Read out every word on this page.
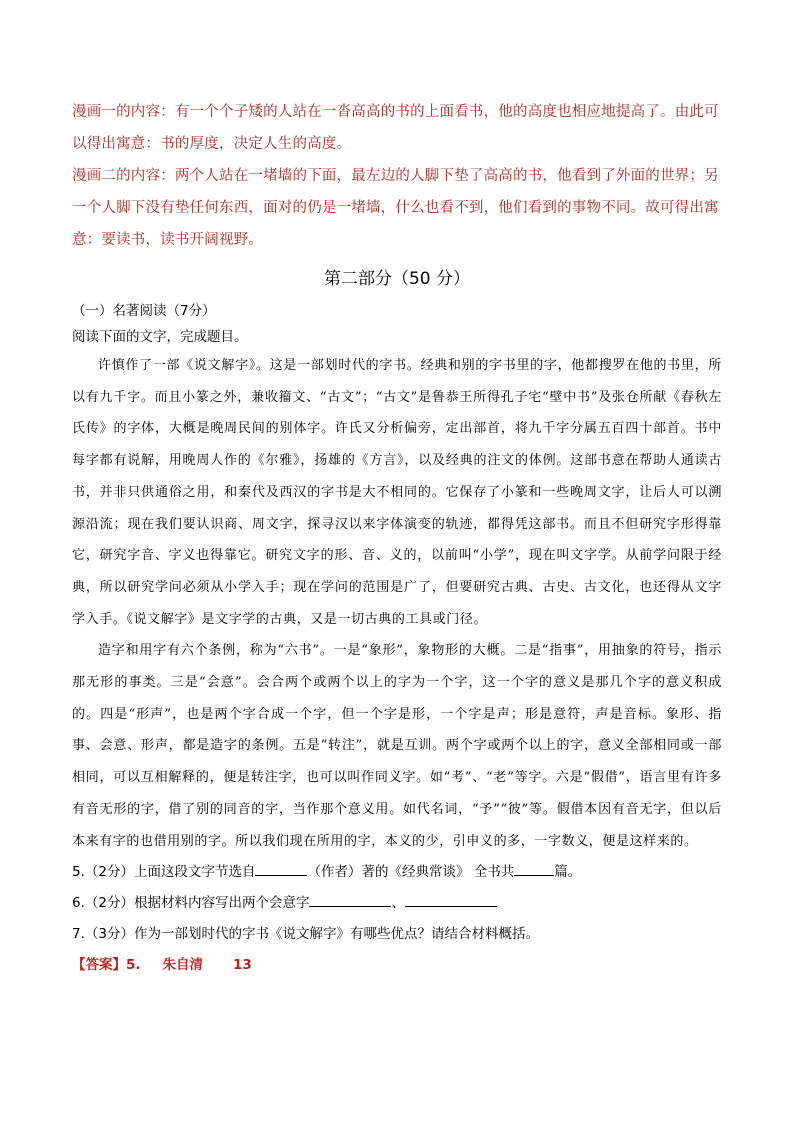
漫画一的内容：有一个个子矮的人站在一沓高高的书的上面看书，他的高度也相应地提高了。由此可以得出寓意：书的厚度，决定人生的高度。

漫画二的内容：两个人站在一堵墙的下面，最左边的人脚下垫了高高的书，他看到了外面的世界；另一个人脚下没有垫任何东西，面对的仍是一堵墙，什么也看不到，他们看到的事物不同。故可得出寓意：要读书，读书开阔视野。

第二部分（50 分）

（一）名著阅读（7分）

阅读下面的文字，完成题目。

许慎作了一部《说文解字》。这是一部划时代的字书。经典和别的字书里的字，他都搜罗在他的书里，所以有九千字。而且小篆之外，兼收籀文、“古文”；“古文”是鲁恭王所得孔子宅“壁中书”及张仓所献《春秋左氏传》的字体，大概是晚周民间的别体字。许氏又分析偏旁，定出部首，将九千字分属五百四十部首。书中每字都有说解，用晚周人作的《尔雅》，扬雄的《方言》，以及经典的注文的体例。这部书意在帮助人通读古书，并非只供通俗之用，和秦代及西汉的字书是大不相同的。它保存了小篆和一些晚周文字，让后人可以溯源沿流；现在我们要认识商、周文字，探寻汉以来字体演变的轨迹，都得凭这部书。而且不但研究字形得靠它，研究字音、字义也得靠它。研究文字的形、音、义的，以前叫“小学”，现在叫文字学。从前学问限于经典，所以研究学问必须从小学入手；现在学问的范围是广了，但要研究古典、古史、古文化，也还得从文字学入手。《说文解字》是文字学的古典，又是一切古典的工具或门径。

造字和用字有六个条例，称为“六书”。一是“象形”，象物形的大概。二是“指事”，用抽象的符号，指示那无形的事类。三是“会意”。会合两个或两个以上的字为一个字，这一个字的意义是那几个字的意义积成的。四是“形声”，也是两个字合成一个字，但一个字是形，一个字是声；形是意符，声是音标。象形、指事、会意、形声，都是造字的条例。五是“转注”，就是互训。两个字或两个以上的字，意义全部相同或一部相同，可以互相解释的，便是转注字，也可以叫作同义字。如“考”、“老”等字。六是“假借”，语言里有许多有音无形的字，借了别的同音的字，当作那个意义用。如代名词，“予”“彼”等。假借本因有音无字，但以后本来有字的也借用别的字。所以我们现在所用的字，本义的少，引申义的多，一字数义，便是这样来的。

5.（2分）上面这段文字节选自	（作者）著的《经典常谈》 全书共	篇。

6.（2分）根据材料内容写出两个会意字	、

7.（3分）作为一部划时代的字书《说文解字》有哪些优点？请结合材料概括。

【答案】5. 朱自清 13
